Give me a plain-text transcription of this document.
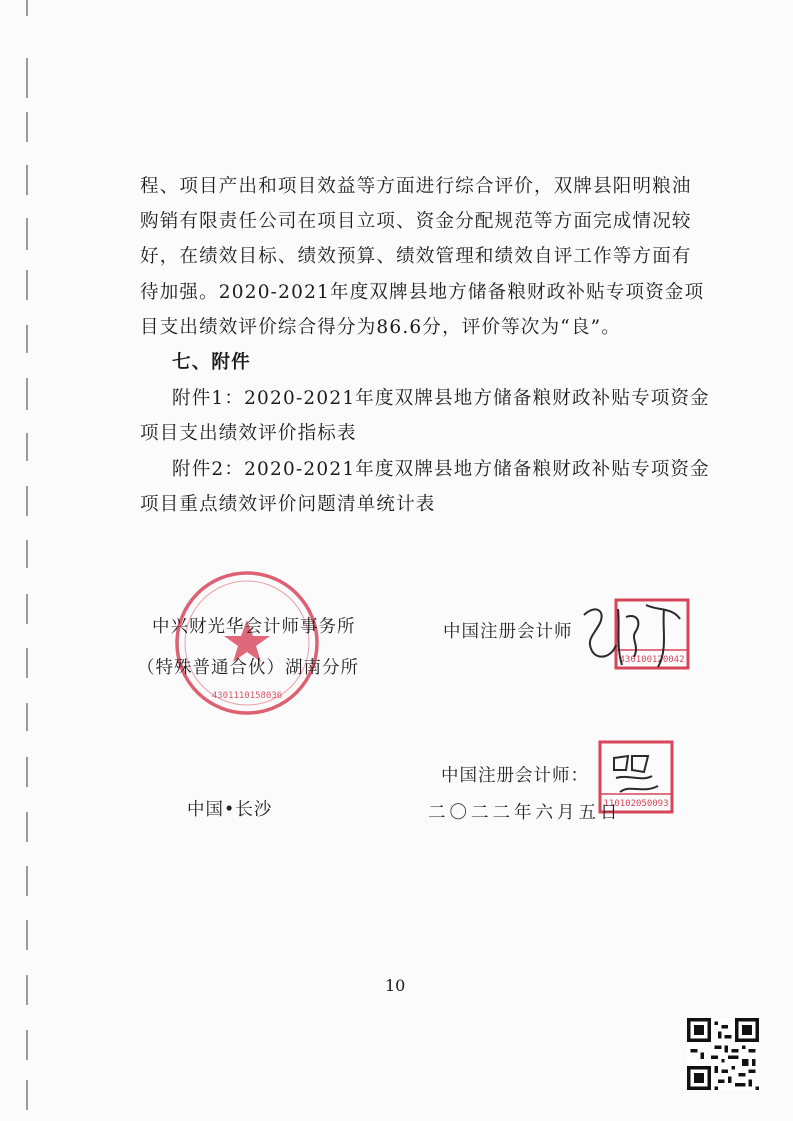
程、项目产出和项目效益等方面进行综合评价，双牌县阳明粮油
购销有限责任公司在项目立项、资金分配规范等方面完成情况较
好，在绩效目标、绩效预算、绩效管理和绩效自评工作等方面有
待加强。2020-2021年度双牌县地方储备粮财政补贴专项资金项
目支出绩效评价综合得分为86.6分，评价等次为“良”。
七、附件
附件1：2020-2021年度双牌县地方储备粮财政补贴专项资金
项目支出绩效评价指标表
附件2：2020-2021年度双牌县地方储备粮财政补贴专项资金
项目重点绩效评价问题清单统计表
4301110158036
中兴财光华会计师事务所
（特殊普通合伙）湖南分所
中国注册会计师
430100120042
中国注册会计师：
110102050093
中国•长沙	二〇二二年六月五日
10
